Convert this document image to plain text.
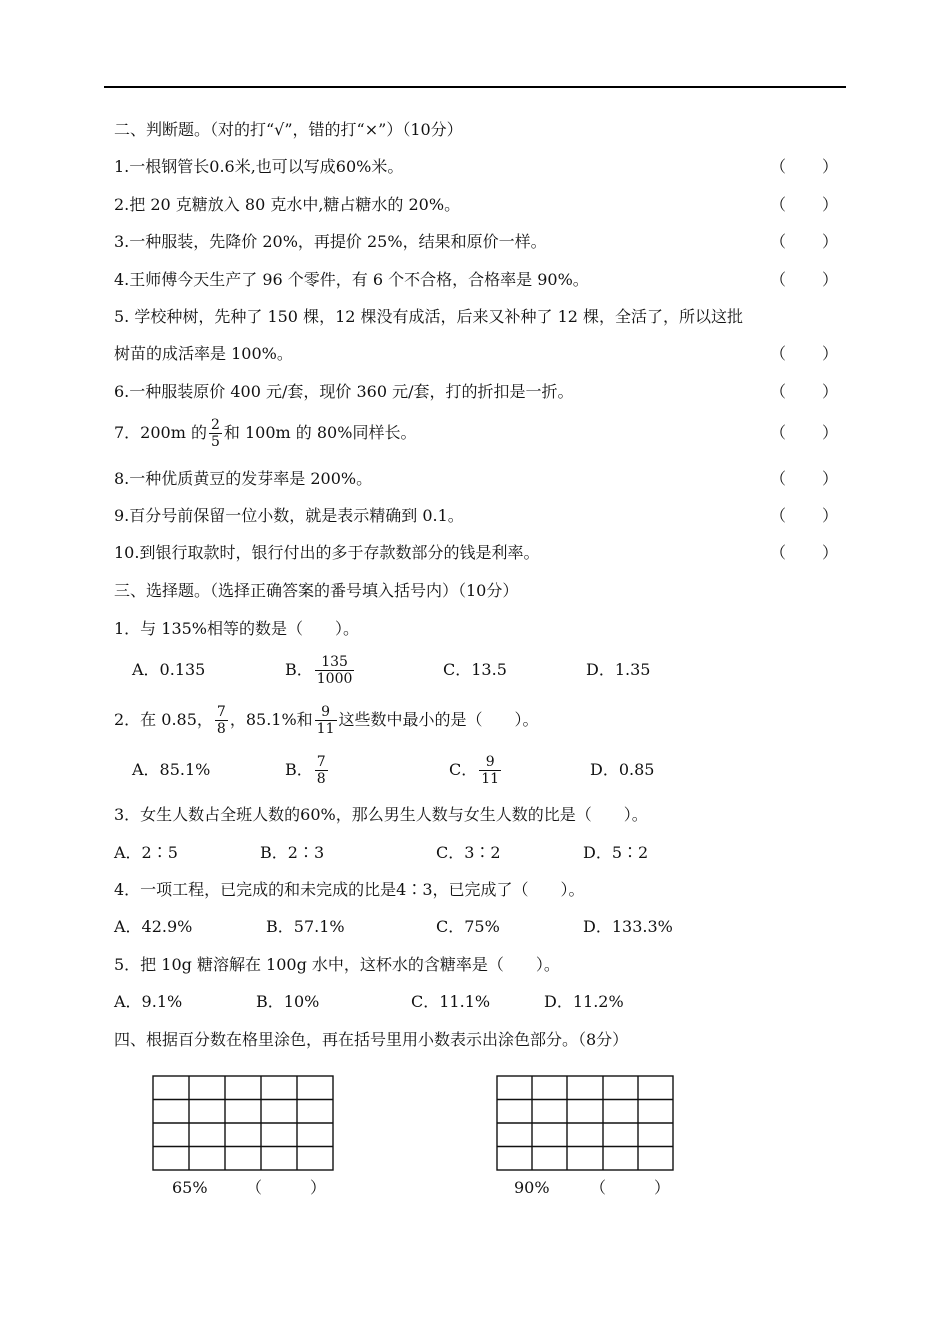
二、判断题。（对的打“√”，错的打“×”）（10分）
1.一根钢管长0.6米,也可以写成60%米。	（ ）
2.把 20 克糖放入 80 克水中,糖占糖水的 20%。	（ ）
3.一种服装，先降价 20%，再提价 25%，结果和原价一样。	（ ）
4.王师傅今天生产了 96 个零件，有 6 个不合格，合格率是 90%。	（ ）
5. 学校种树，先种了 150 棵，12 棵没有成活，后来又补种了 12 棵，全活了，所以这批
树苗的成活率是 100%。	（ ）
6.一种服装原价 400 元/套，现价 360 元/套，打的折扣是一折。	（ ）
7．200m 的 $\frac{2}{5}$ 和 100m 的 80%同样长。	（ ）
8.一种优质黄豆的发芽率是 200%。	（ ）
9.百分号前保留一位小数，就是表示精确到 0.1。	（ ）
10.到银行取款时，银行付出的多于存款数部分的钱是利率。	（ ）
三、选择题。（选择正确答案的番号填入括号内）（10分）
1．与 135%相等的数是（　　）。
A．0.135	B． $\frac{135}{1000}$	C．13.5	D．1.35
2．在 0.85， $\frac{7}{8}$ ，85.1%和 $\frac{9}{11}$ 这些数中最小的是（　　）。
A．85.1%	B． $\frac{7}{8}$	C． $\frac{9}{11}$	D．0.85
3．女生人数占全班人数的60%，那么男生人数与女生人数的比是（　　）。
A．2∶5	B．2∶3	C．3∶2	D．5∶2
4．一项工程，已完成的和未完成的比是4∶3，已完成了（　　）。
A．42.9%	B．57.1%	C．75%	D．133.3%
5．把 10g 糖溶解在 100g 水中，这杯水的含糖率是（　　）。
A．9.1%	B．10%	C．11.1%	D．11.2%
四、根据百分数在格里涂色，再在括号里用小数表示出涂色部分。（8分）
65% （	）	90%	（	）
